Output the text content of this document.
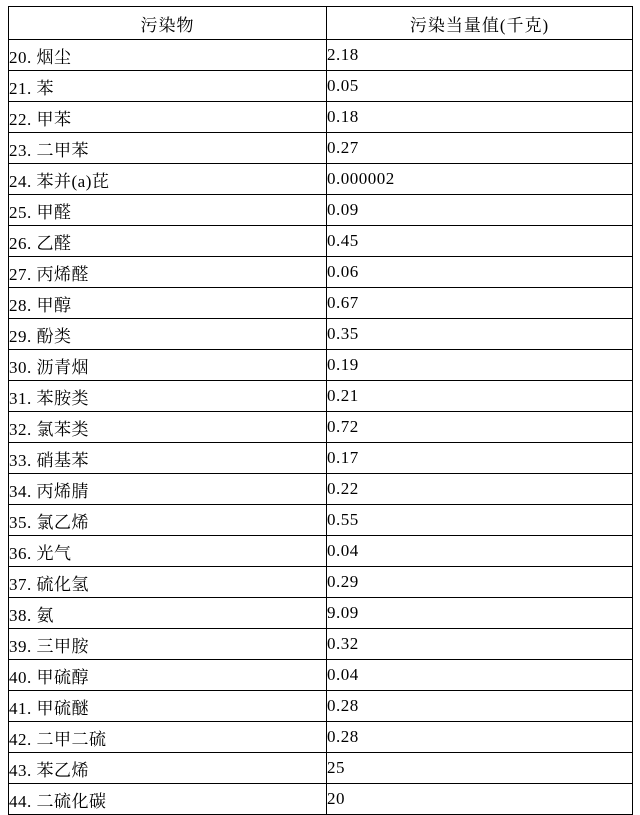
污染物	污染当量值(千克)
20. 烟尘	2.18
21. 苯	0.05
22. 甲苯	0.18
23. 二甲苯	0.27
24. 苯并(a)芘	0.000002
25. 甲醛	0.09
26. 乙醛	0.45
27. 丙烯醛	0.06
28. 甲醇	0.67
29. 酚类	0.35
30. 沥青烟	0.19
31. 苯胺类	0.21
32. 氯苯类	0.72
33. 硝基苯	0.17
34. 丙烯腈	0.22
35. 氯乙烯	0.55
36. 光气	0.04
37. 硫化氢	0.29
38. 氨	9.09
39. 三甲胺	0.32
40. 甲硫醇	0.04
41. 甲硫醚	0.28
42. 二甲二硫	0.28
43. 苯乙烯	25
44. 二硫化碳	20
